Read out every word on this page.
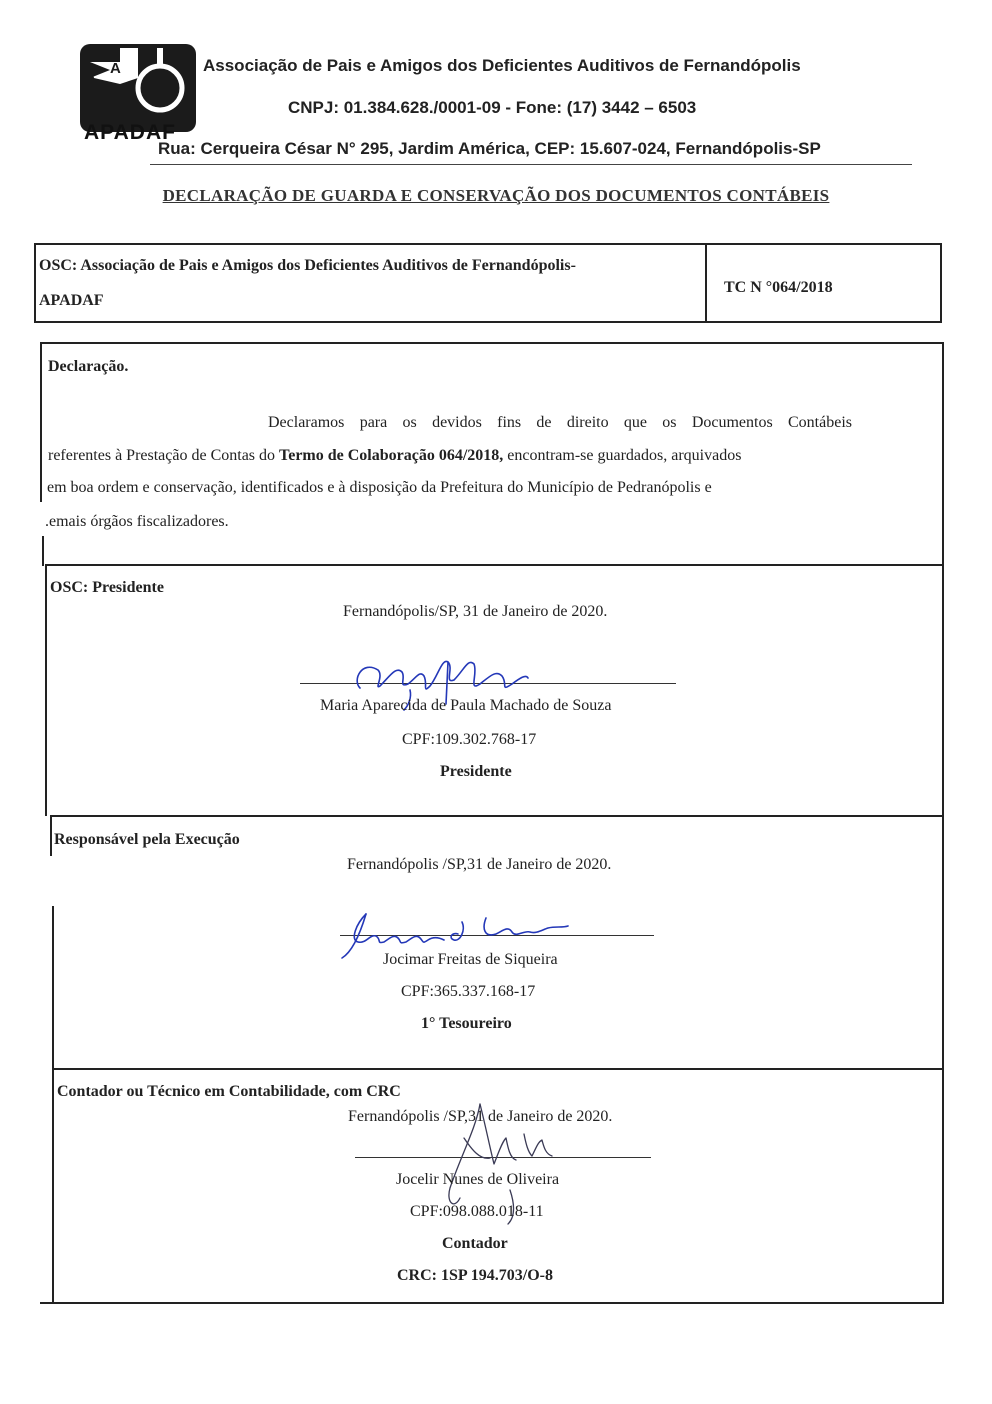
A
APADAF
Associação de Pais e Amigos dos Deficientes Auditivos de Fernandópolis
CNPJ: 01.384.628./0001-09 - Fone: (17) 3442 – 6503
Rua: Cerqueira César N° 295, Jardim América, CEP: 15.607-024, Fernandópolis-SP
DECLARAÇÃO DE GUARDA E CONSERVAÇÃO DOS DOCUMENTOS CONTÁBEIS
OSC: Associação de Pais e Amigos dos Deficientes Auditivos de Fernandópolis-
APADAF
TC N °064/2018
Declaração.
Declaramos para os devidos fins de direito que os Documentos Contábeis
referentes à Prestação de Contas do Termo de Colaboração 064/2018, encontram-se guardados, arquivados
em boa ordem e conservação, identificados e à disposição da Prefeitura do Município de Pedranópolis e
.emais órgãos fiscalizadores.
OSC: Presidente
Fernandópolis/SP, 31 de Janeiro de 2020.
Maria Aparecida de Paula Machado de Souza
CPF:109.302.768-17
Presidente
Responsável pela Execução
Fernandópolis /SP,31 de Janeiro de 2020.
Jocimar Freitas de Siqueira
CPF:365.337.168-17
1° Tesoureiro
Contador ou Técnico em Contabilidade, com CRC
Fernandópolis /SP,31 de Janeiro de 2020.
Jocelir Nunes de Oliveira
CPF:098.088.018-11
Contador
CRC: 1SP 194.703/O-8
